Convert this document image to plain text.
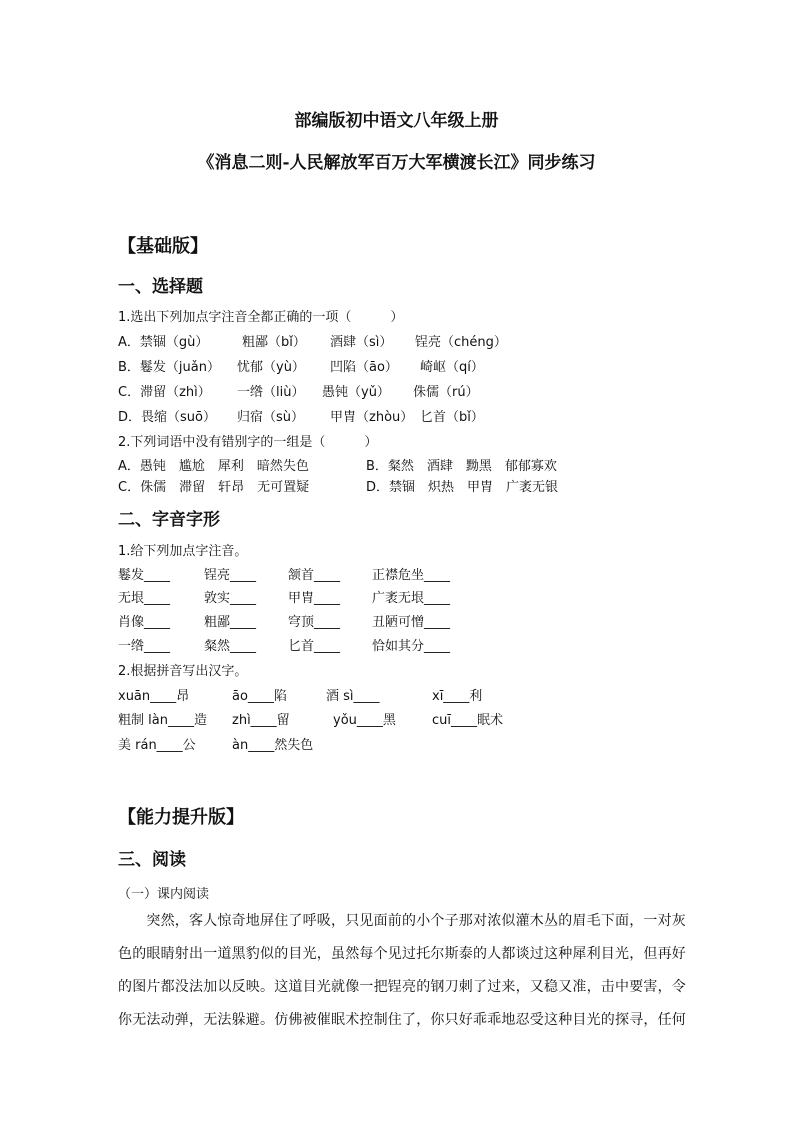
部编版初中语文八年级上册
《消息二则-人民解放军百万大军横渡长江》同步练习
【基础版】
一、选择题
1.选出下列加点字注音全都正确的一项（　　　）
A．禁锢（gù）	粗鄙（bǐ） 酒肆（sì） 锃亮（chéng）
B．鬈发（juǎn） 忧郁（yù） 凹陷（āo） 崎岖（qí）
C．滞留（zhì） 一绺（liù） 愚钝（yǔ） 侏儒（rú）
D．畏缩（suō） 归宿（sù） 甲胄（zhòu） 匕首（bǐ）
2.下列词语中没有错别字的一组是（　　　）
A．愚钝　尴尬　犀利　暗然失色	B．粲然　酒肆　黝黑　郁郁寡欢
C．侏儒　滞留　轩昂　无可置疑	D．禁锢　炽热　甲胄　广袤无银
二、字音字形
1.给下列加点字注音。
鬈发____	锃亮____ 颔首____ 正襟危坐____
无垠____	敦实____ 甲胄____ 广袤无垠____
肖像____	粗鄙____ 穹顶____ 丑陋可憎____
一绺____	粲然____ 匕首____ 恰如其分____
2.根据拼音写出汉字。
xuān____昂	āo____陷	酒 sì____	xī____利
粗制 làn____造 zhì____留	yǒu____黑	cuī____眠术
美 rán____公	àn____然失色
【能力提升版】
三、阅读
（一）课内阅读
　　突然，客人惊奇地屏住了呼吸，只见面前的小个子那对浓似灌木丛的眉毛下面，一对灰
色的眼睛射出一道黑豹似的目光，虽然每个见过托尔斯泰的人都谈过这种犀利目光，但再好
的图片都没法加以反映。这道目光就像一把锃亮的钢刀刺了过来，又稳又准，击中要害，令
你无法动弹，无法躲避。仿佛被催眠术控制住了，你只好乖乖地忍受这种目光的探寻，任何
